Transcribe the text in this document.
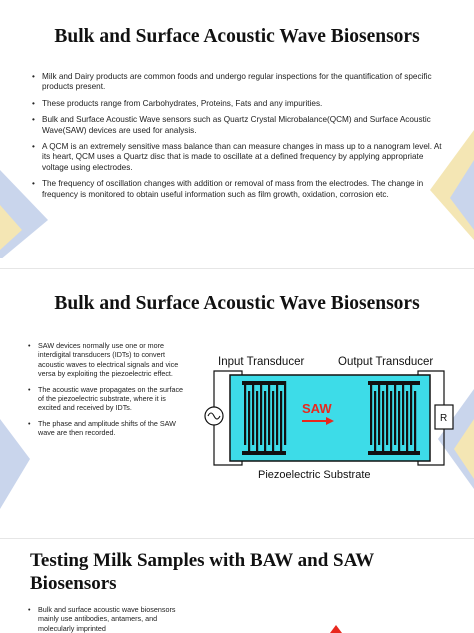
Bulk and Surface Acoustic Wave Biosensors
• Milk and Dairy products are common foods and undergo regular inspections for the quantification of specific products present.
• These products range from Carbohydrates, Proteins, Fats and any impurities.
• Bulk and Surface Acoustic Wave sensors such as Quartz Crystal Microbalance(QCM) and Surface Acoustic Wave(SAW) devices are used for analysis.
• A QCM is an extremely sensitive mass balance than can measure changes in mass up to a nanogram level. At its heart, QCM uses a Quartz disc that is made to oscillate at a defined frequency by applying appropriate voltage using electrodes.
• The frequency of oscillation changes with addition or removal of mass from the electrodes. The change in frequency is monitored to obtain useful information such as film growth, oxidation, corrosion etc.
Bulk and Surface Acoustic Wave Biosensors
• SAW devices normally use one or more interdigital transducers (IDTs) to convert acoustic waves to electrical signals and vice versa by exploiting the piezoelectric effect.
• The acoustic wave propagates on the surface of the piezoelectric substrate, where it is excited and received by IDTs.
• The phase and amplitude shifts of the SAW wave are then recorded.
Input Transducer	Output Transducer
R
SAW
Piezoelectric Substrate
Testing Milk Samples with BAW and SAW Biosensors
• Bulk and surface acoustic wave biosensors mainly use antibodies, antamers, and molecularly imprinted
